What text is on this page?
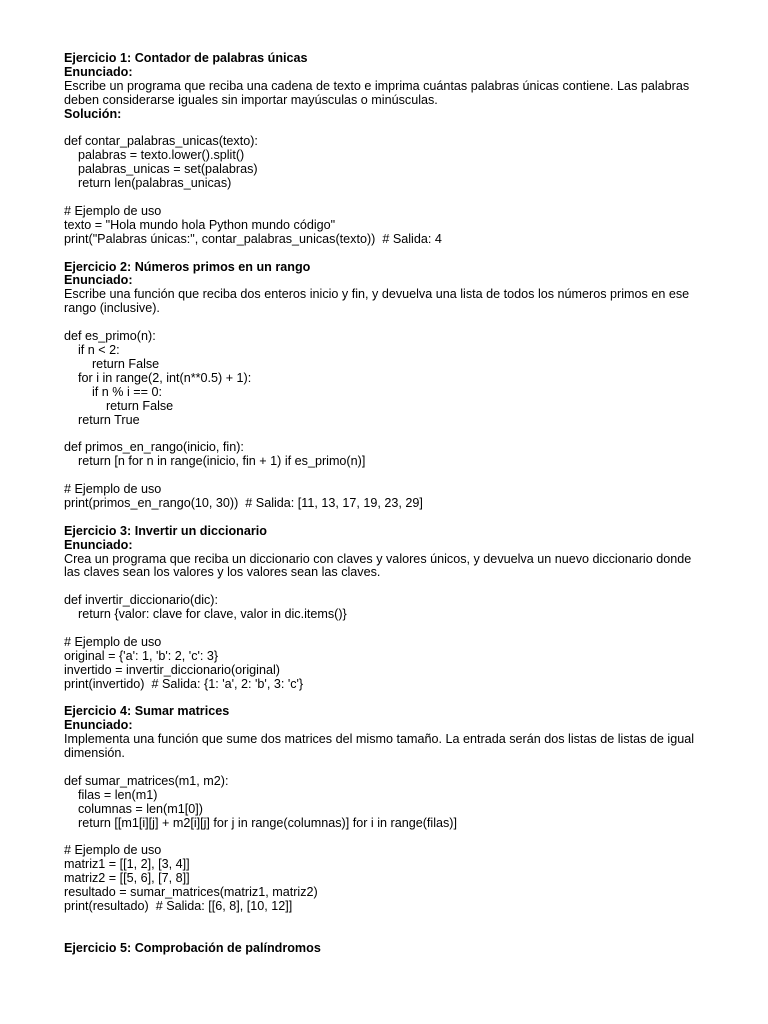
Ejercicio 1: Contador de palabras únicas
Enunciado:
Escribe un programa que reciba una cadena de texto e imprima cuántas palabras únicas contiene. Las palabras deben considerarse iguales sin importar mayúsculas o minúsculas.
Solución:
def contar_palabras_unicas(texto):
palabras = texto.lower().split()
palabras_unicas = set(palabras)
return len(palabras_unicas)
# Ejemplo de uso
texto = "Hola mundo hola Python mundo código"
print("Palabras únicas:", contar_palabras_unicas(texto))  # Salida: 4
Ejercicio 2: Números primos en un rango
Enunciado:
Escribe una función que reciba dos enteros inicio y fin, y devuelva una lista de todos los números primos en ese rango (inclusive).
def es_primo(n):
if n < 2:
return False
for i in range(2, int(n**0.5) + 1):
if n % i == 0:
return False
return True
def primos_en_rango(inicio, fin):
return [n for n in range(inicio, fin + 1) if es_primo(n)]
# Ejemplo de uso
print(primos_en_rango(10, 30))  # Salida: [11, 13, 17, 19, 23, 29]
Ejercicio 3: Invertir un diccionario
Enunciado:
Crea un programa que reciba un diccionario con claves y valores únicos, y devuelva un nuevo diccionario donde las claves sean los valores y los valores sean las claves.
def invertir_diccionario(dic):
return {valor: clave for clave, valor in dic.items()}
# Ejemplo de uso
original = {'a': 1, 'b': 2, 'c': 3}
invertido = invertir_diccionario(original)
print(invertido)  # Salida: {1: 'a', 2: 'b', 3: 'c'}
Ejercicio 4: Sumar matrices
Enunciado:
Implementa una función que sume dos matrices del mismo tamaño. La entrada serán dos listas de listas de igual dimensión.
def sumar_matrices(m1, m2):
filas = len(m1)
columnas = len(m1[0])
return [[m1[i][j] + m2[i][j] for j in range(columnas)] for i in range(filas)]
# Ejemplo de uso
matriz1 = [[1, 2], [3, 4]]
matriz2 = [[5, 6], [7, 8]]
resultado = sumar_matrices(matriz1, matriz2)
print(resultado)  # Salida: [[6, 8], [10, 12]]
Ejercicio 5: Comprobación de palíndromos
